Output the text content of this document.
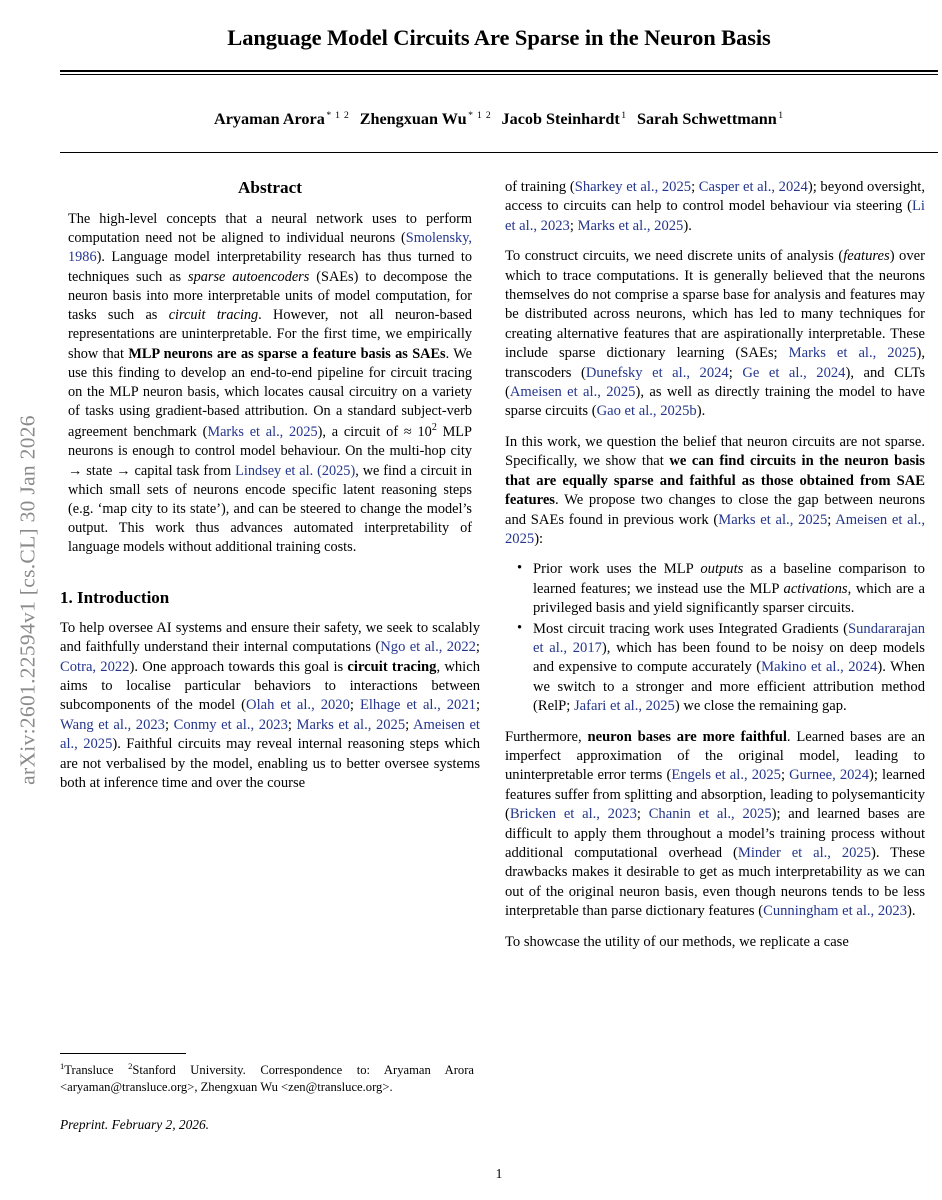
arXiv:2601.22594v1 [cs.CL] 30 Jan 2026
Language Model Circuits Are Sparse in the Neuron Basis
Aryaman Arora $^{* 1 2}$ Zhengxuan Wu $^{* 1 2}$ Jacob Steinhardt $^1$ Sarah Schwettmann $^1$
Abstract
The high-level concepts that a neural network uses to perform computation need not be aligned to individual neurons (Smolensky, 1986). Language model interpretability research has thus turned to techniques such as sparse autoencoders (SAEs) to decompose the neuron basis into more interpretable units of model computation, for tasks such as circuit tracing. However, not all neuron-based representations are uninterpretable. For the first time, we empirically show that MLP neurons are as sparse a feature basis as SAEs. We use this finding to develop an end-to-end pipeline for circuit tracing on the MLP neuron basis, which locates causal circuitry on a variety of tasks using gradient-based attribution. On a standard subject-verb agreement benchmark (Marks et al., 2025), a circuit of ≈ $10^2$ MLP neurons is enough to control model behaviour. On the multi-hop city → state → capital task from Lindsey et al. (2025), we find a circuit in which small sets of neurons encode specific latent reasoning steps (e.g. ‘map city to its state’), and can be steered to change the model’s output. This work thus advances automated interpretability of language models without additional training costs.
1. Introduction

To help oversee AI systems and ensure their safety, we seek to scalably and faithfully understand their internal computations (Ngo et al., 2022; Cotra, 2022). One approach towards this goal is circuit tracing, which aims to localise particular behaviors to interactions between subcomponents of the model (Olah et al., 2020; Elhage et al., 2021; Wang et al., 2023; Conmy et al., 2023; Marks et al., 2025; Ameisen et al., 2025). Faithful circuits may reveal internal reasoning steps which are not verbalised by the model, enabling us to better oversee systems both at inference time and over the course

of training (Sharkey et al., 2025; Casper et al., 2024); beyond oversight, access to circuits can help to control model behaviour via steering (Li et al., 2023; Marks et al., 2025).

To construct circuits, we need discrete units of analysis (features) over which to trace computations. It is generally believed that the neurons themselves do not comprise a sparse base for analysis and features may be distributed across neurons, which has led to many techniques for creating alternative features that are aspirationally interpretable. These include sparse dictionary learning (SAEs; Marks et al., 2025), transcoders (Dunefsky et al., 2024; Ge et al., 2024), and CLTs (Ameisen et al., 2025), as well as directly training the model to have sparse circuits (Gao et al., 2025b).

In this work, we question the belief that neuron circuits are not sparse. Specifically, we show that we can find circuits in the neuron basis that are equally sparse and faithful as those obtained from SAE features. We propose two changes to close the gap between neurons and SAEs found in previous work (Marks et al., 2025; Ameisen et al., 2025):

• Prior work uses the MLP outputs as a baseline comparison to learned features; we instead use the MLP activations, which are a privileged basis and yield significantly sparser circuits.
• Most circuit tracing work uses Integrated Gradients (Sundararajan et al., 2017), which has been found to be noisy on deep models and expensive to compute accurately (Makino et al., 2024). When we switch to a stronger and more efficient attribution method (RelP; Jafari et al., 2025) we close the remaining gap.

Furthermore, neuron bases are more faithful. Learned bases are an imperfect approximation of the original model, leading to uninterpretable error terms (Engels et al., 2025; Gurnee, 2024); learned features suffer from splitting and absorption, leading to polysemanticity (Bricken et al., 2023; Chanin et al., 2025); and learned bases are difficult to apply them throughout a model’s training process without additional computational overhead (Minder et al., 2025). These drawbacks makes it desirable to get as much interpretability as we can out of the original neuron basis, even though neurons tends to be less interpretable than parse dictionary features (Cunningham et al., 2023).

To showcase the utility of our methods, we replicate a case

$^1$Transluce $^2$Stanford University. Correspondence to: Aryaman Arora <aryaman@transluce.org>, Zhengxuan Wu <zen@transluce.org>.
Preprint. February 2, 2026.
1
